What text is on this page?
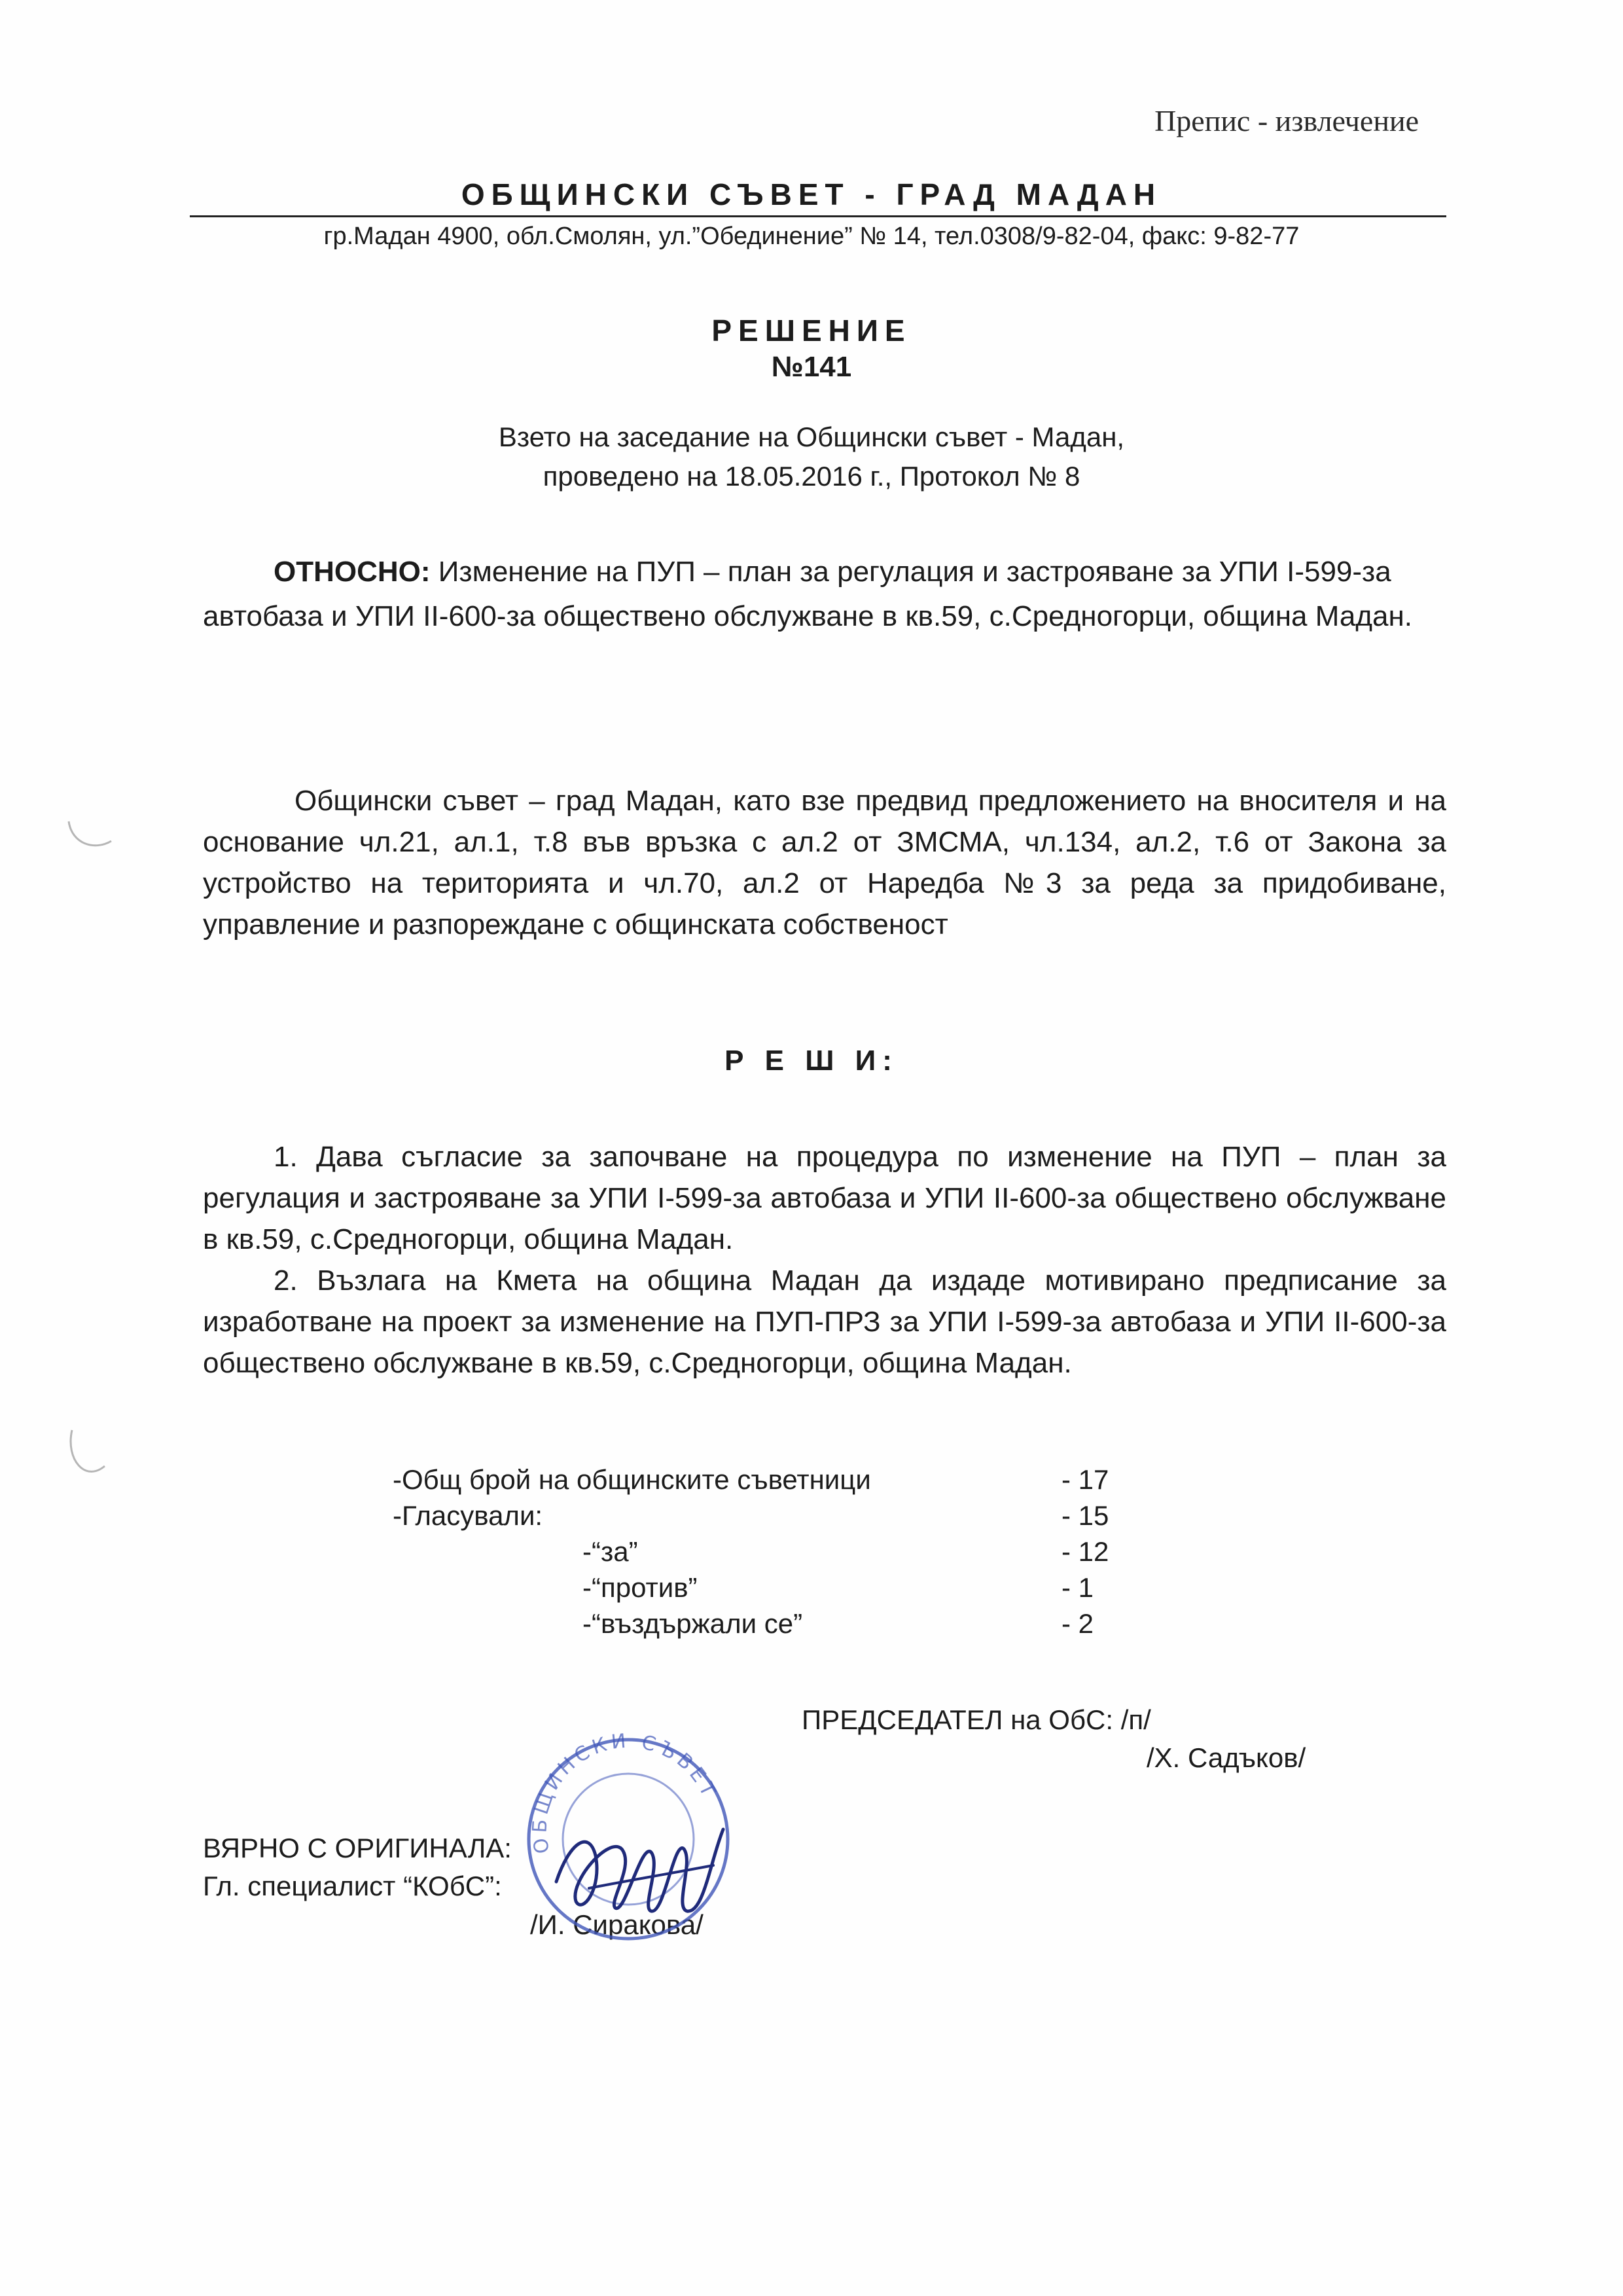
Препис - извлечение
ОБЩИНСКИ СЪВЕТ - ГРАД МАДАН
гр.Мадан 4900, обл.Смолян, ул.”Обединение” № 14, тел.0308/9-82-04, факс: 9-82-77
РЕШЕНИЕ
№141
Взето на заседание на Общински съвет - Мадан,
проведено на 18.05.2016 г., Протокол № 8
ОТНОСНО: Изменение на ПУП – план за регулация и застрояване за УПИ І-599-за автобаза и УПИ ІІ-600-за обществено обслужване в кв.59, с.Средногорци, община Мадан.
Общински съвет – град Мадан, като взе предвид предложението на вносителя и на основание чл.21, ал.1, т.8 във връзка с ал.2 от ЗМСМА, чл.134, ал.2, т.6 от Закона за устройство на територията и чл.70, ал.2 от Наредба №3 за реда за придобиване, управление и разпореждане с общинската собственост
Р Е Ш И:

1. Дава съгласие за започване на процедура по изменение на ПУП – план за регулация и застрояване за УПИ І-599-за автобаза и УПИ ІІ-600-за обществено обслужване в кв.59, с.Средногорци, община Мадан.

2. Възлага на Кмета на община Мадан да издаде мотивирано предписание за изработване на проект за изменение на ПУП-ПРЗ за УПИ І-599-за автобаза и УПИ ІІ-600-за обществено обслужване в кв.59, с.Средногорци, община Мадан.

-Общ брой на общинските съветници	- 17
-Гласували:	- 15
-“за”	- 12
-“против”	- 1
-“въздържали се”	- 2
ПРЕДСЕДАТЕЛ на ОбС: /п/
/Х. Садъков/
ВЯРНО С ОРИГИНАЛА:
Гл. специалист “КОбС”:
/И. Сиракова/
ОБЩИНСКИ СЪВЕТ
